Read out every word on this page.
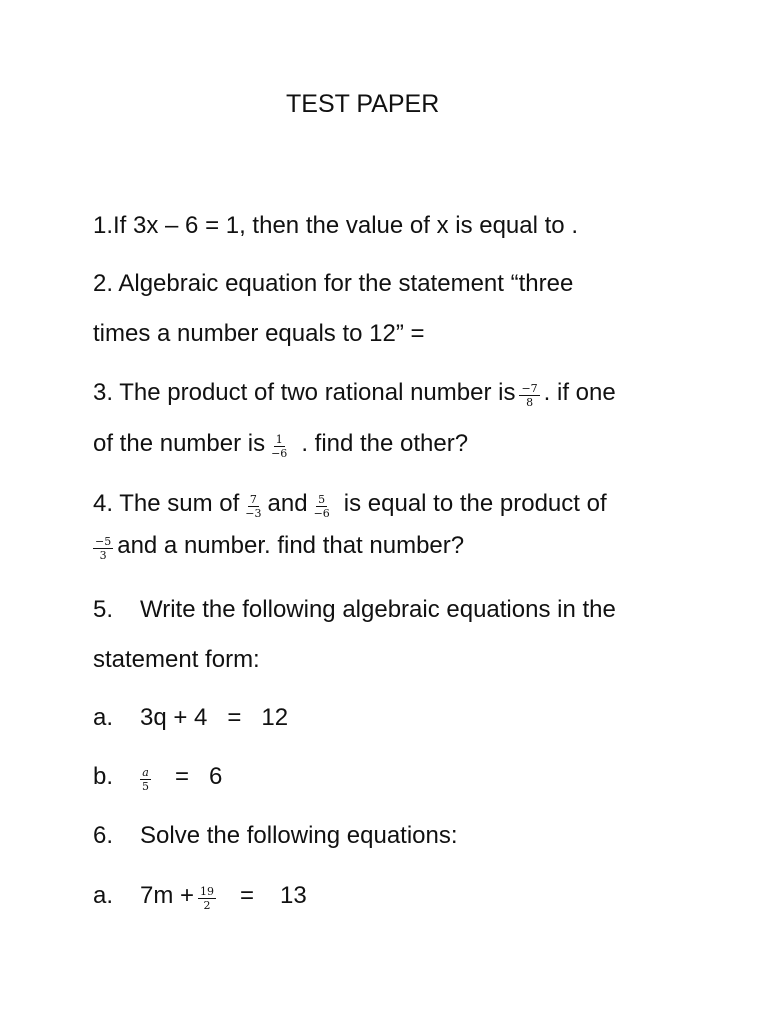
TEST PAPER
1.If 3x – 6 = 1, then the value of x is equal to .
2. Algebraic equation for the statement “three
times a number equals to 12” =
3. The product of two rational number is $\frac{-7}{8}$ . if one
of the number is $\frac{1}{-6}$ . find the other?
4. The sum of $\frac{7}{-3}$ and $\frac{5}{-6}$ is equal to the product of
$\frac{-5}{3}$ and a number. find that number?
5.	Write the following algebraic equations in the
statement form:
a.	3q + 4 = 12
b.	$\frac{a}{5} = 6$
6.	Solve the following equations:
a.	$7m + \frac{19}{2} = 13$
